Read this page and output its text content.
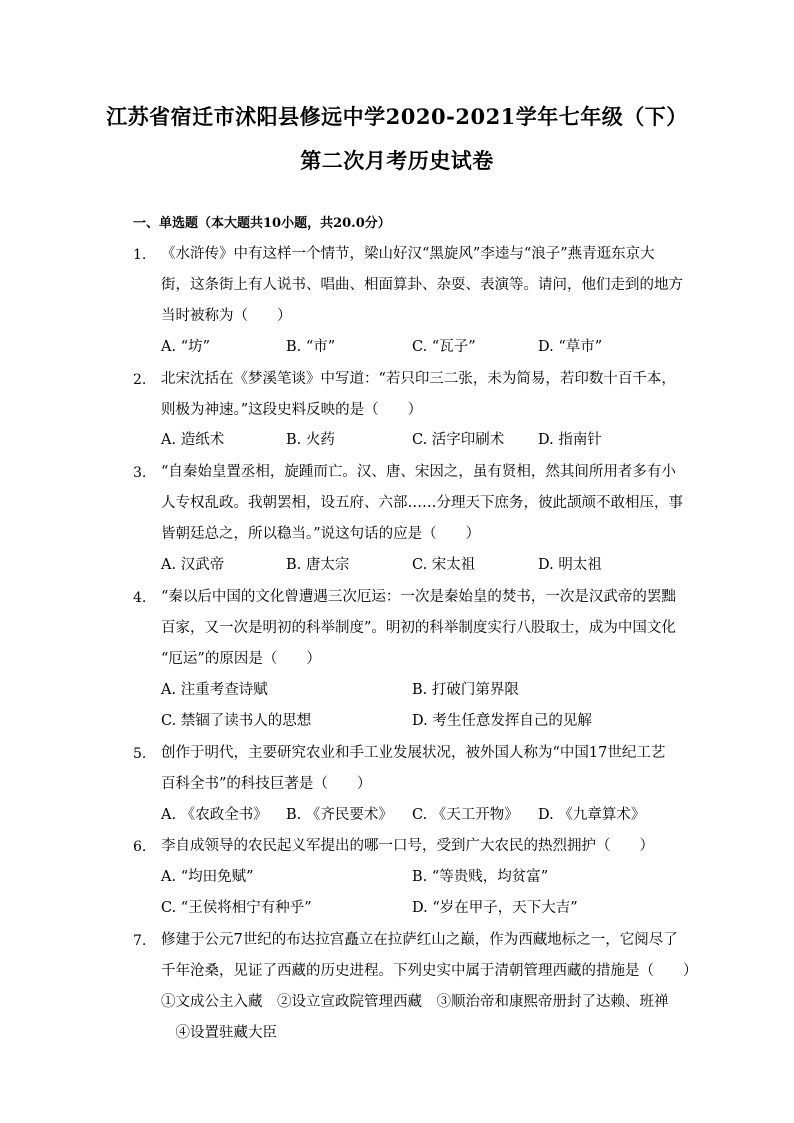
江苏省宿迁市沭阳县修远中学2020-2021学年七年级（下）
第二次月考历史试卷
一、单选题（本大题共10小题，共20.0分）
1. 《水浒传》中有这样一个情节，梁山好汉“黑旋风”李逵与“浪子”燕青逛东京大
街，这条街上有人说书、唱曲、相面算卦、杂耍、表演等。请问，他们走到的地方
当时被称为（　　）
A. “坊”	B. “市”	C. “瓦子”	D. “草市”
2. 北宋沈括在《梦溪笔谈》中写道：“若只印三二张，未为简易，若印数十百千本，
则极为神速。”这段史料反映的是（　　）
A. 造纸术	B. 火药	C. 活字印刷术 D. 指南针
3. “自秦始皇置丞相，旋踵而亡。汉、唐、宋因之，虽有贤相，然其间所用者多有小
人专权乱政。我朝罢相，设五府、六部……分理天下庶务，彼此颉颃不敢相压，事
皆朝廷总之，所以稳当。”说这句话的应是（　　）
A. 汉武帝	B. 唐太宗	C. 宋太祖	D. 明太祖
4. “秦以后中国的文化曾遭遇三次厄运：一次是秦始皇的焚书，一次是汉武帝的罢黜
百家，又一次是明初的科举制度”。明初的科举制度实行八股取士，成为中国文化
“厄运”的原因是（　　）
A. 注重考查诗赋	B. 打破门第界限
C. 禁锢了读书人的思想	D. 考生任意发挥自己的见解
5. 创作于明代，主要研究农业和手工业发展状况，被外国人称为“中国17世纪工艺
百科全书”的科技巨著是（　　）
A. 《农政全书》 B. 《齐民要术》 C. 《天工开物》 D. 《九章算术》
6. 李自成领导的农民起义军提出的哪一口号，受到广大农民的热烈拥护（　　）
A. “均田免赋”	B. “等贵贱，均贫富”
C. “王侯将相宁有种乎”	D. “岁在甲子，天下大吉”
7. 修建于公元7世纪的布达拉宫矗立在拉萨红山之巅，作为西藏地标之一，它阅尽了
千年沧桑，见证了西藏的历史进程。下列史实中属于清朝管理西藏的措施是（　　）
①文成公主入藏　②设立宣政院管理西藏　③顺治帝和康熙帝册封了达赖、班禅
　④设置驻藏大臣
